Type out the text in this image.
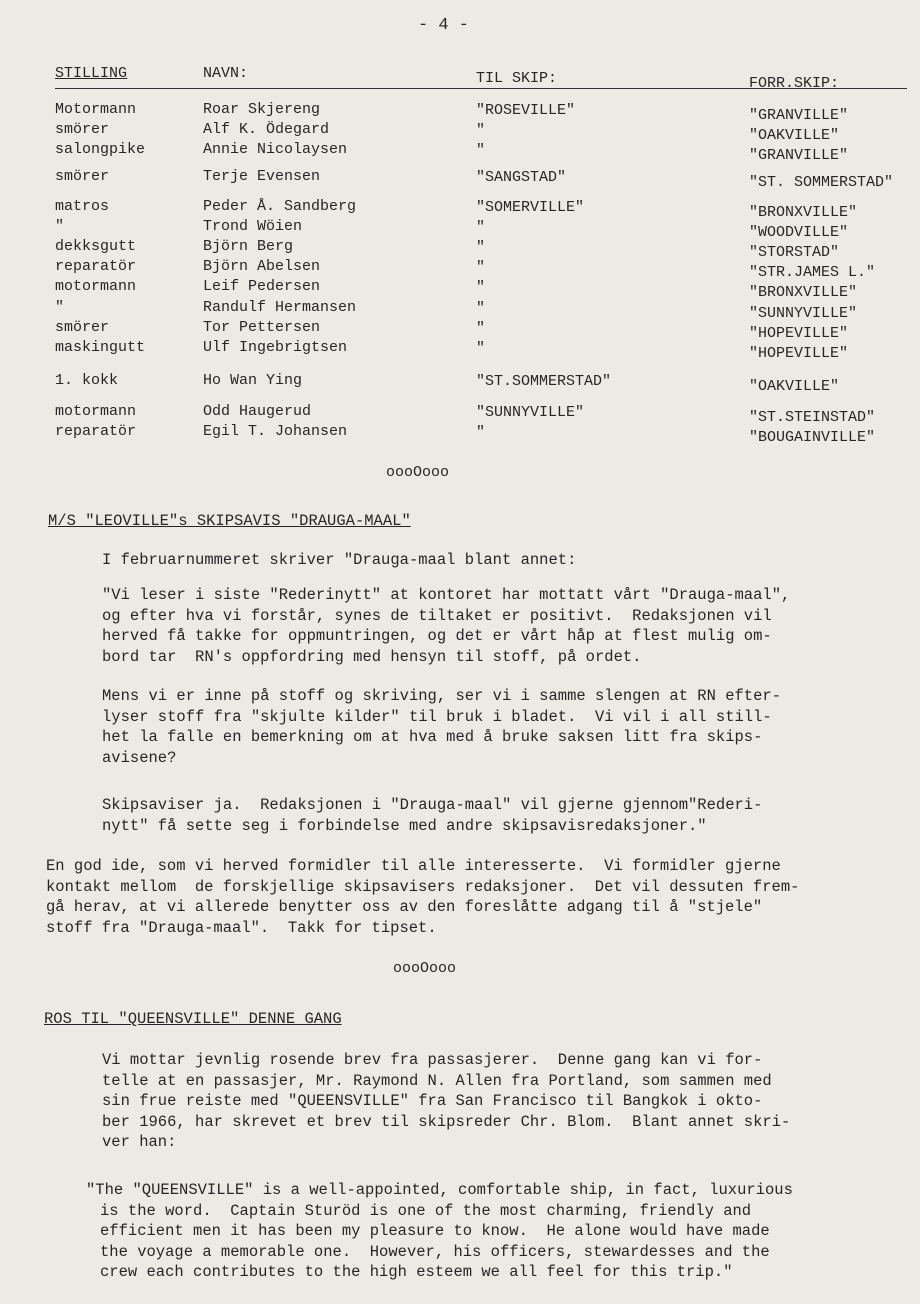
- 4 -
STILLING	NAVN:	TIL SKIP:	FORR.SKIP:
Motormann	Roar Skjereng	"ROSEVILLE"	"GRANVILLE"
smörer	Alf K. Ödegard	"	"OAKVILLE"
salongpike	Annie Nicolaysen	"	"GRANVILLE"
smörer	Terje Evensen	"SANGSTAD"	"ST. SOMMERSTAD"
matros	Peder Å. Sandberg	"SOMERVILLE"	"BRONXVILLE"
"	Trond Wöien	"	"WOODVILLE"
dekksgutt	Björn Berg	"	"STORSTAD"
reparatör	Björn Abelsen	"	"STR.JAMES L."
motormann	Leif Pedersen	"	"BRONXVILLE"
"	Randulf Hermansen	"	"SUNNYVILLE"
smörer	Tor Pettersen	"	"HOPEVILLE"
maskingutt	Ulf Ingebrigtsen	"	"HOPEVILLE"
1. kokk	Ho Wan Ying	"ST.SOMMERSTAD"	"OAKVILLE"
motormann	Odd Haugerud	"SUNNYVILLE"	"ST.STEINSTAD"
reparatör	Egil T. Johansen	"	"BOUGAINVILLE"
oooOooo
M/S "LEOVILLE"s SKIPSAVIS "DRAUGA-MAAL"
I februarnummeret skriver "Drauga-maal blant annet:
"Vi leser i siste "Rederinytt" at kontoret har mottatt vårt "Drauga-maal",
og efter hva vi forstår, synes de tiltaket er positivt.  Redaksjonen vil
herved få takke for oppmuntringen, og det er vårt håp at flest mulig om-
bord tar  RN's oppfordring med hensyn til stoff, på ordet.
Mens vi er inne på stoff og skriving, ser vi i samme slengen at RN efter-
lyser stoff fra "skjulte kilder" til bruk i bladet.  Vi vil i all still-
het la falle en bemerkning om at hva med å bruke saksen litt fra skips-
avisene?
Skipsaviser ja.  Redaksjonen i "Drauga-maal" vil gjerne gjennom"Rederi-
nytt" få sette seg i forbindelse med andre skipsavisredaksjoner."
En god ide, som vi herved formidler til alle interesserte.  Vi formidler gjerne
kontakt mellom  de forskjellige skipsavisers redaksjoner.  Det vil dessuten frem-
gå herav, at vi allerede benytter oss av den foreslåtte adgang til å "stjele"
stoff fra "Drauga-maal".  Takk for tipset.
oooOooo
ROS TIL "QUEENSVILLE" DENNE GANG
Vi mottar jevnlig rosende brev fra passasjerer.  Denne gang kan vi for-
telle at en passasjer, Mr. Raymond N. Allen fra Portland, som sammen med
sin frue reiste med "QUEENSVILLE" fra San Francisco til Bangkok i okto-
ber 1966, har skrevet et brev til skipsreder Chr. Blom.  Blant annet skri-
ver han:
"The "QUEENSVILLE" is a well-appointed, comfortable ship, in fact, luxurious
is the word.  Captain Sturöd is one of the most charming, friendly and
efficient men it has been my pleasure to know.  He alone would have made
the voyage a memorable one.  However, his officers, stewardesses and the
crew each contributes to the high esteem we all feel for this trip."
